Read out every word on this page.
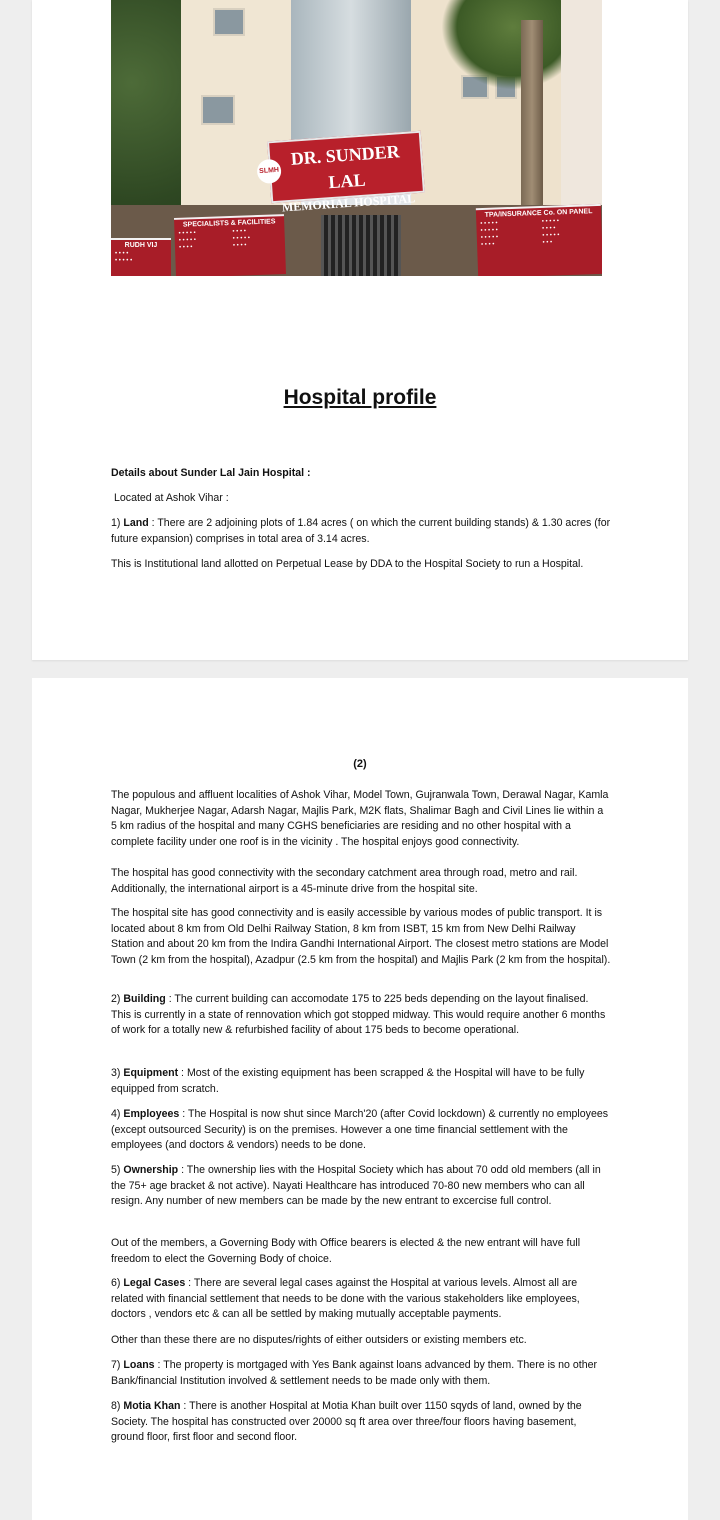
SLMH
DR. SUNDER LAL
MEMORIAL HOSPITAL
SPECIALISTS & FACILITIES
• • • • •
• • • • •
• • • •
• • • •
• • • • •
• • • •
TPA/INSURANCE Co. ON PANEL
• • • • •
• • • • •
• • • • •
• • • •
• • • • •
• • • •
• • • • •
• • •
RUDH VIJ
• • • •
• • • • •
Hospital profile
Details about Sunder Lal Jain Hospital :
Located at Ashok Vihar :
1) Land : There are 2 adjoining plots of 1.84 acres ( on which the current building stands) & 1.30 acres (for future expansion) comprises in total area of 3.14 acres.
This is Institutional land allotted on Perpetual Lease by DDA to the Hospital Society to run a Hospital.
(2)

The populous and affluent localities of Ashok Vihar, Model Town, Gujranwala Town, Derawal Nagar, Kamla Nagar, Mukherjee Nagar, Adarsh Nagar, Majlis Park, M2K flats, Shalimar Bagh and Civil Lines lie within a 5 km radius of the hospital and many CGHS beneficiaries are residing and no other hospital with a complete facility under one roof is in the vicinity . The hospital enjoys good connectivity.

The hospital has good connectivity with the secondary catchment area through road, metro and rail. Additionally, the international airport is a 45-minute drive from the hospital site.

The hospital site has good connectivity and is easily accessible by various modes of public transport. It is located about 8 km from Old Delhi Railway Station, 8 km from ISBT, 15 km from New Delhi Railway Station and about 20 km from the Indira Gandhi International Airport. The closest metro stations are Model Town (2 km from the hospital), Azadpur (2.5 km from the hospital) and Majlis Park (2 km from the hospital).

2) Building : The current building can accomodate 175 to 225 beds depending on the layout finalised. This is currently in a state of rennovation which got stopped midway. This would require another 6 months of work for a totally new & refurbished facility of about 175 beds to become operational.

3) Equipment : Most of the existing equipment has been scrapped & the Hospital will have to be fully equipped from scratch.

4) Employees : The Hospital is now shut since March'20 (after Covid lockdown) & currently no employees (except outsourced Security) is on the premises. However a one time financial settlement with the employees (and doctors & vendors) needs to be done.

5) Ownership : The ownership lies with the Hospital Society which has about 70 odd old members (all in the 75+ age bracket & not active). Nayati Healthcare has introduced 70-80 new members who can all resign. Any number of new members can be made by the new entrant to excercise full control.

Out of the members, a Governing Body with Office bearers is elected & the new entrant will have full freedom to elect the Governing Body of choice.

6) Legal Cases : There are several legal cases against the Hospital at various levels. Almost all are related with financial settlement that needs to be done with the various stakeholders like employees, doctors , vendors etc & can all be settled by making mutually acceptable payments.

Other than these there are no disputes/rights of either outsiders or existing members etc.

7) Loans : The property is mortgaged with Yes Bank against loans advanced by them. There is no other Bank/financial Institution involved & settlement needs to be made only with them.

8) Motia Khan : There is another Hospital at Motia Khan built over 1150 sqyds of land, owned by the Society. The hospital has constructed over 20000 sq ft area over three/four floors having basement, ground floor, first floor and second floor.
